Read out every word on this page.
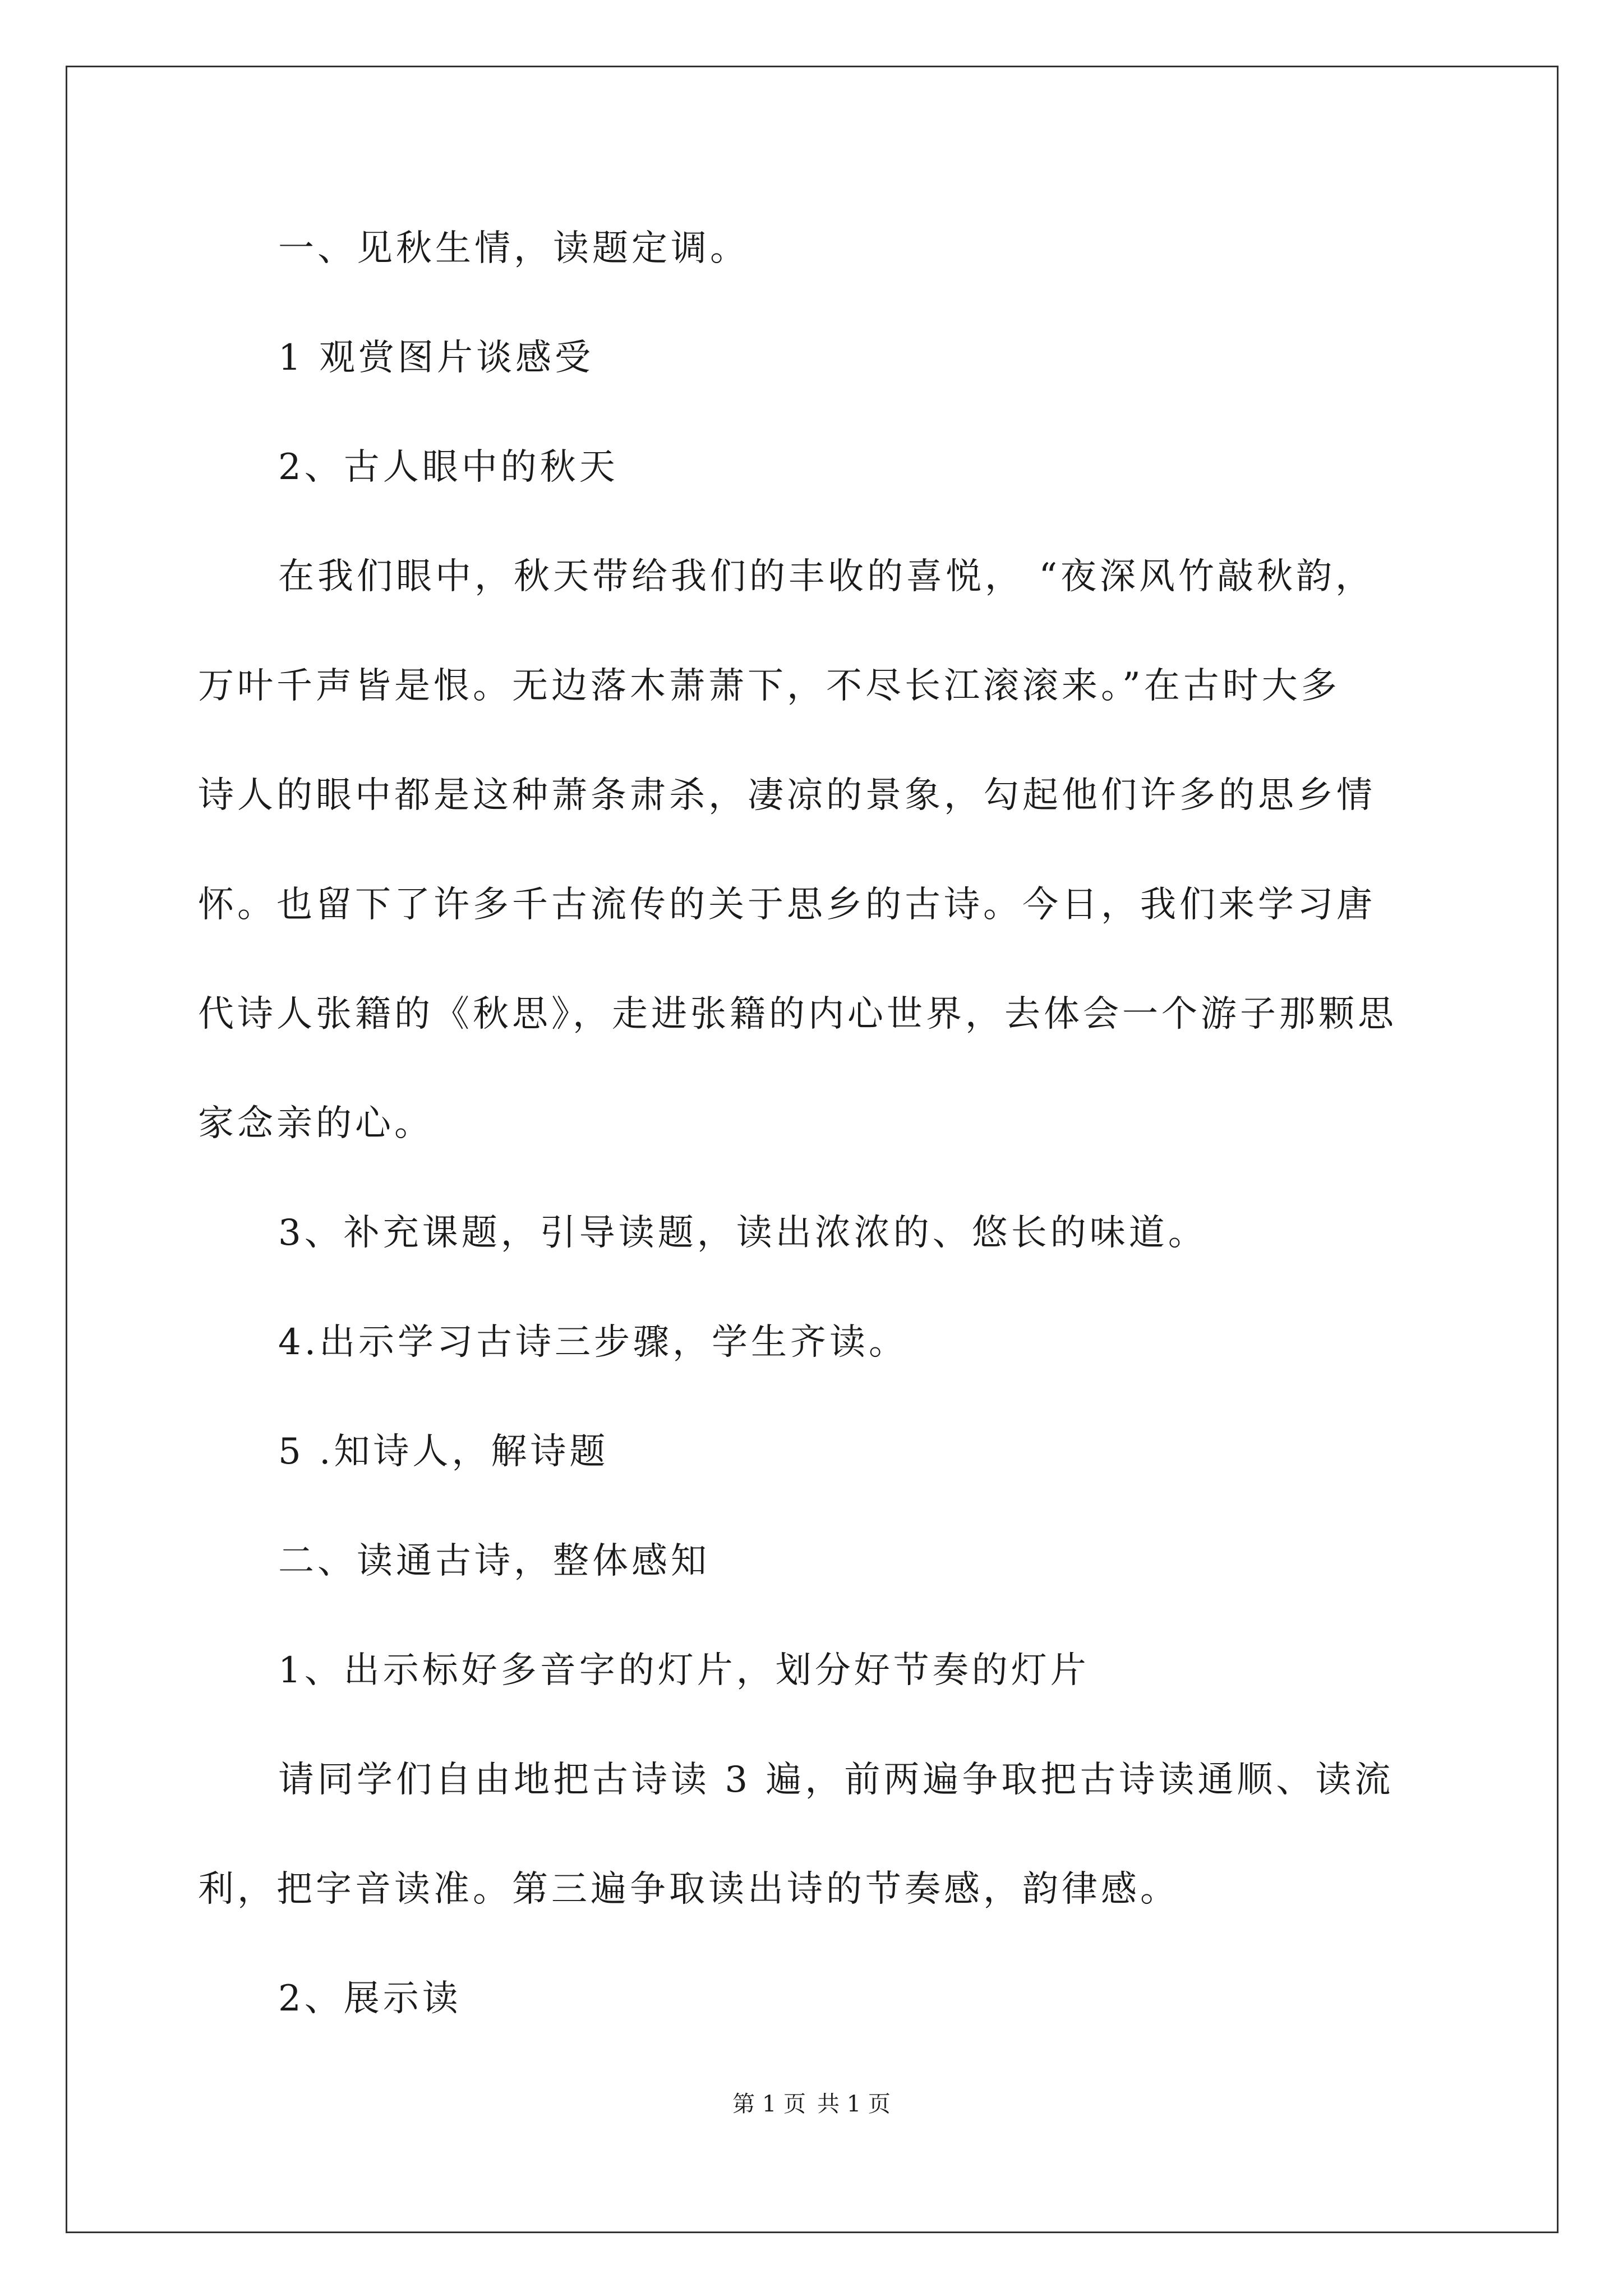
一、见秋生情，读题定调。
1 观赏图片谈感受
2、古人眼中的秋天
在我们眼中，秋天带给我们的丰收的喜悦， “夜深风竹敲秋韵，
万叶千声皆是恨。无边落木萧萧下，不尽长江滚滚来。”在古时大多
诗人的眼中都是这种萧条肃杀，凄凉的景象，勾起他们许多的思乡情
怀。也留下了许多千古流传的关于思乡的古诗。今日，我们来学习唐
代诗人张籍的《秋思》，走进张籍的内心世界，去体会一个游子那颗思
家念亲的心。
3、补充课题，引导读题，读出浓浓的、悠长的味道。
4.出示学习古诗三步骤，学生齐读。
5 .知诗人，解诗题
二、读通古诗，整体感知
1、出示标好多音字的灯片，划分好节奏的灯片
请同学们自由地把古诗读 3 遍，前两遍争取把古诗读通顺、读流
利，把字音读准。第三遍争取读出诗的节奏感，韵律感。
2、展示读
第 1 页 共 1 页
